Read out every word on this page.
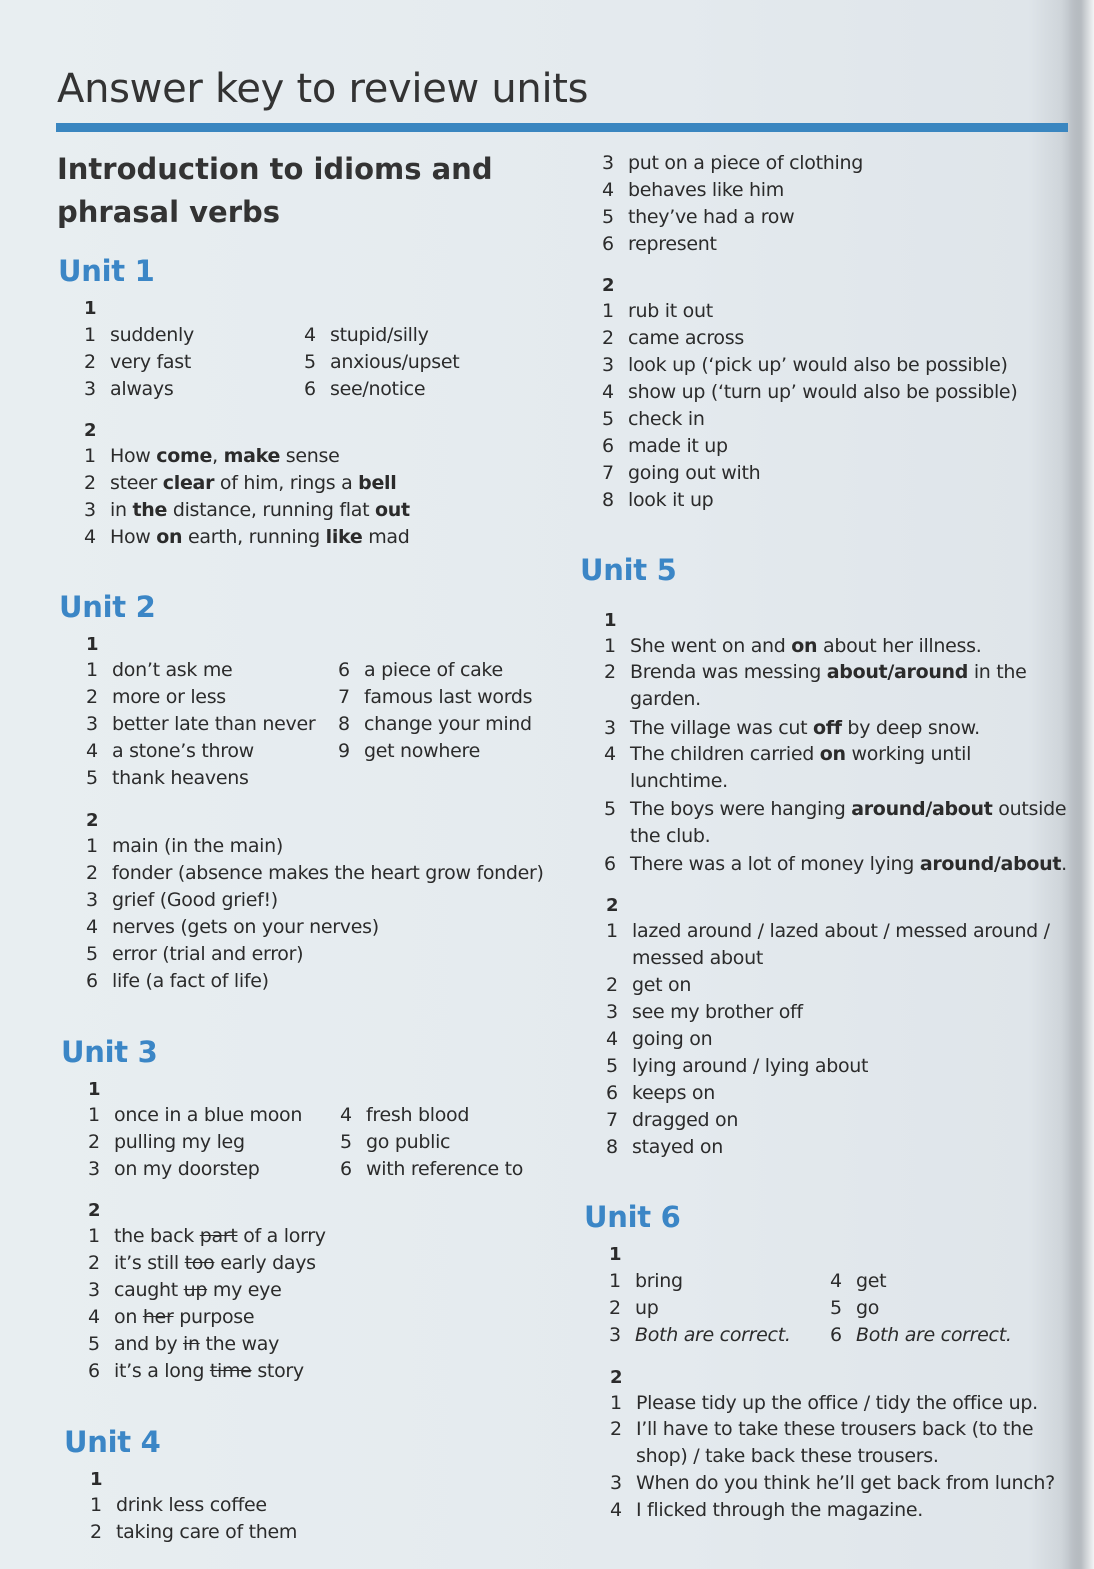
Answer key to review units
Introduction to idioms and phrasal verbs
Unit 1
1
1 suddenly
2 very fast
3 always
4 stupid/silly
5 anxious/upset
6 see/notice
2
1 How come, make sense
2 steer clear of him, rings a bell
3 in the distance, running flat out
4 How on earth, running like mad
Unit 2
1
1 don’t ask me
2 more or less
3 better late than never
4 a stone’s throw
5 thank heavens
6 a piece of cake
7 famous last words
8 change your mind
9 get nowhere
2
1 main (in the main)
2 fonder (absence makes the heart grow fonder)
3 grief (Good grief!)
4 nerves (gets on your nerves)
5 error (trial and error)
6 life (a fact of life)
Unit 3
1
1 once in a blue moon
2 pulling my leg
3 on my doorstep
4 fresh blood
5 go public
6 with reference to
2
1 the back part of a lorry
2 it’s still too early days
3 caught up my eye
4 on her purpose
5 and by in the way
6 it’s a long time story
Unit 4
1
1 drink less coffee
2 taking care of them
3 put on a piece of clothing
4 behaves like him
5 they’ve had a row
6 represent
2
1 rub it out
2 came across
3 look up (‘pick up’ would also be possible)
4 show up (‘turn up’ would also be possible)
5 check in
6 made it up
7 going out with
8 look it up
Unit 5
1
1 She went on and on about her illness.
2 Brenda was messing about/around in the garden.
3 The village was cut off by deep snow.
4 The children carried on working until lunchtime.
5 The boys were hanging around/about outside the club.
6 There was a lot of money lying around/about.
2
1 lazed around / lazed about / messed around / messed about
2 get on
3 see my brother off
4 going on
5 lying around / lying about
6 keeps on
7 dragged on
8 stayed on
Unit 6
1
1 bring
2 up
3 Both are correct.
4 get
5 go
6 Both are correct.
2
1 Please tidy up the office / tidy the office up.
2 I’ll have to take these trousers back (to the shop) / take back these trousers.
3 When do you think he’ll get back from lunch?
4 I flicked through the magazine.
